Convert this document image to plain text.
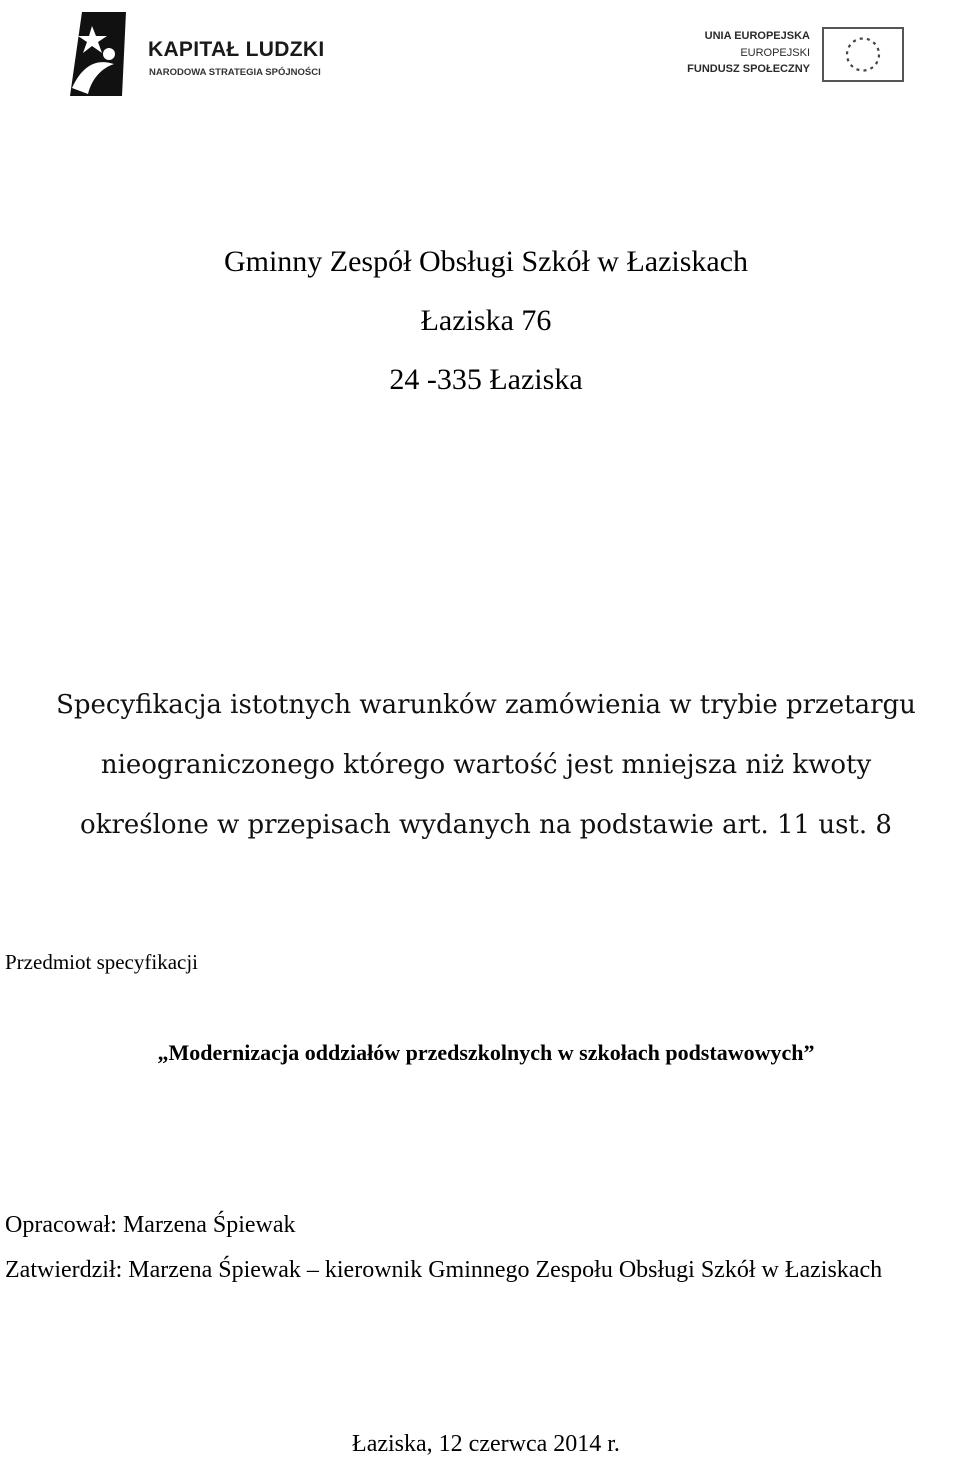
KAPITAŁ LUDZKI
NARODOWA STRATEGIA SPÓJNOŚCI
UNIA EUROPEJSKA
EUROPEJSKI
FUNDUSZ SPOŁECZNY
Gminny Zespół Obsługi Szkół w Łaziskach
Łaziska 76
24 -335 Łaziska
Specyfikacja istotnych warunków zamówienia w trybie przetargu
nieograniczonego którego wartość jest mniejsza niż kwoty
określone w przepisach wydanych na podstawie art. 11 ust. 8
Przedmiot specyfikacji
„Modernizacja oddziałów przedszkolnych w szkołach podstawowych”
Opracował: Marzena Śpiewak
Zatwierdził: Marzena Śpiewak – kierownik Gminnego Zespołu Obsługi Szkół w Łaziskach
Łaziska, 12 czerwca 2014 r.
